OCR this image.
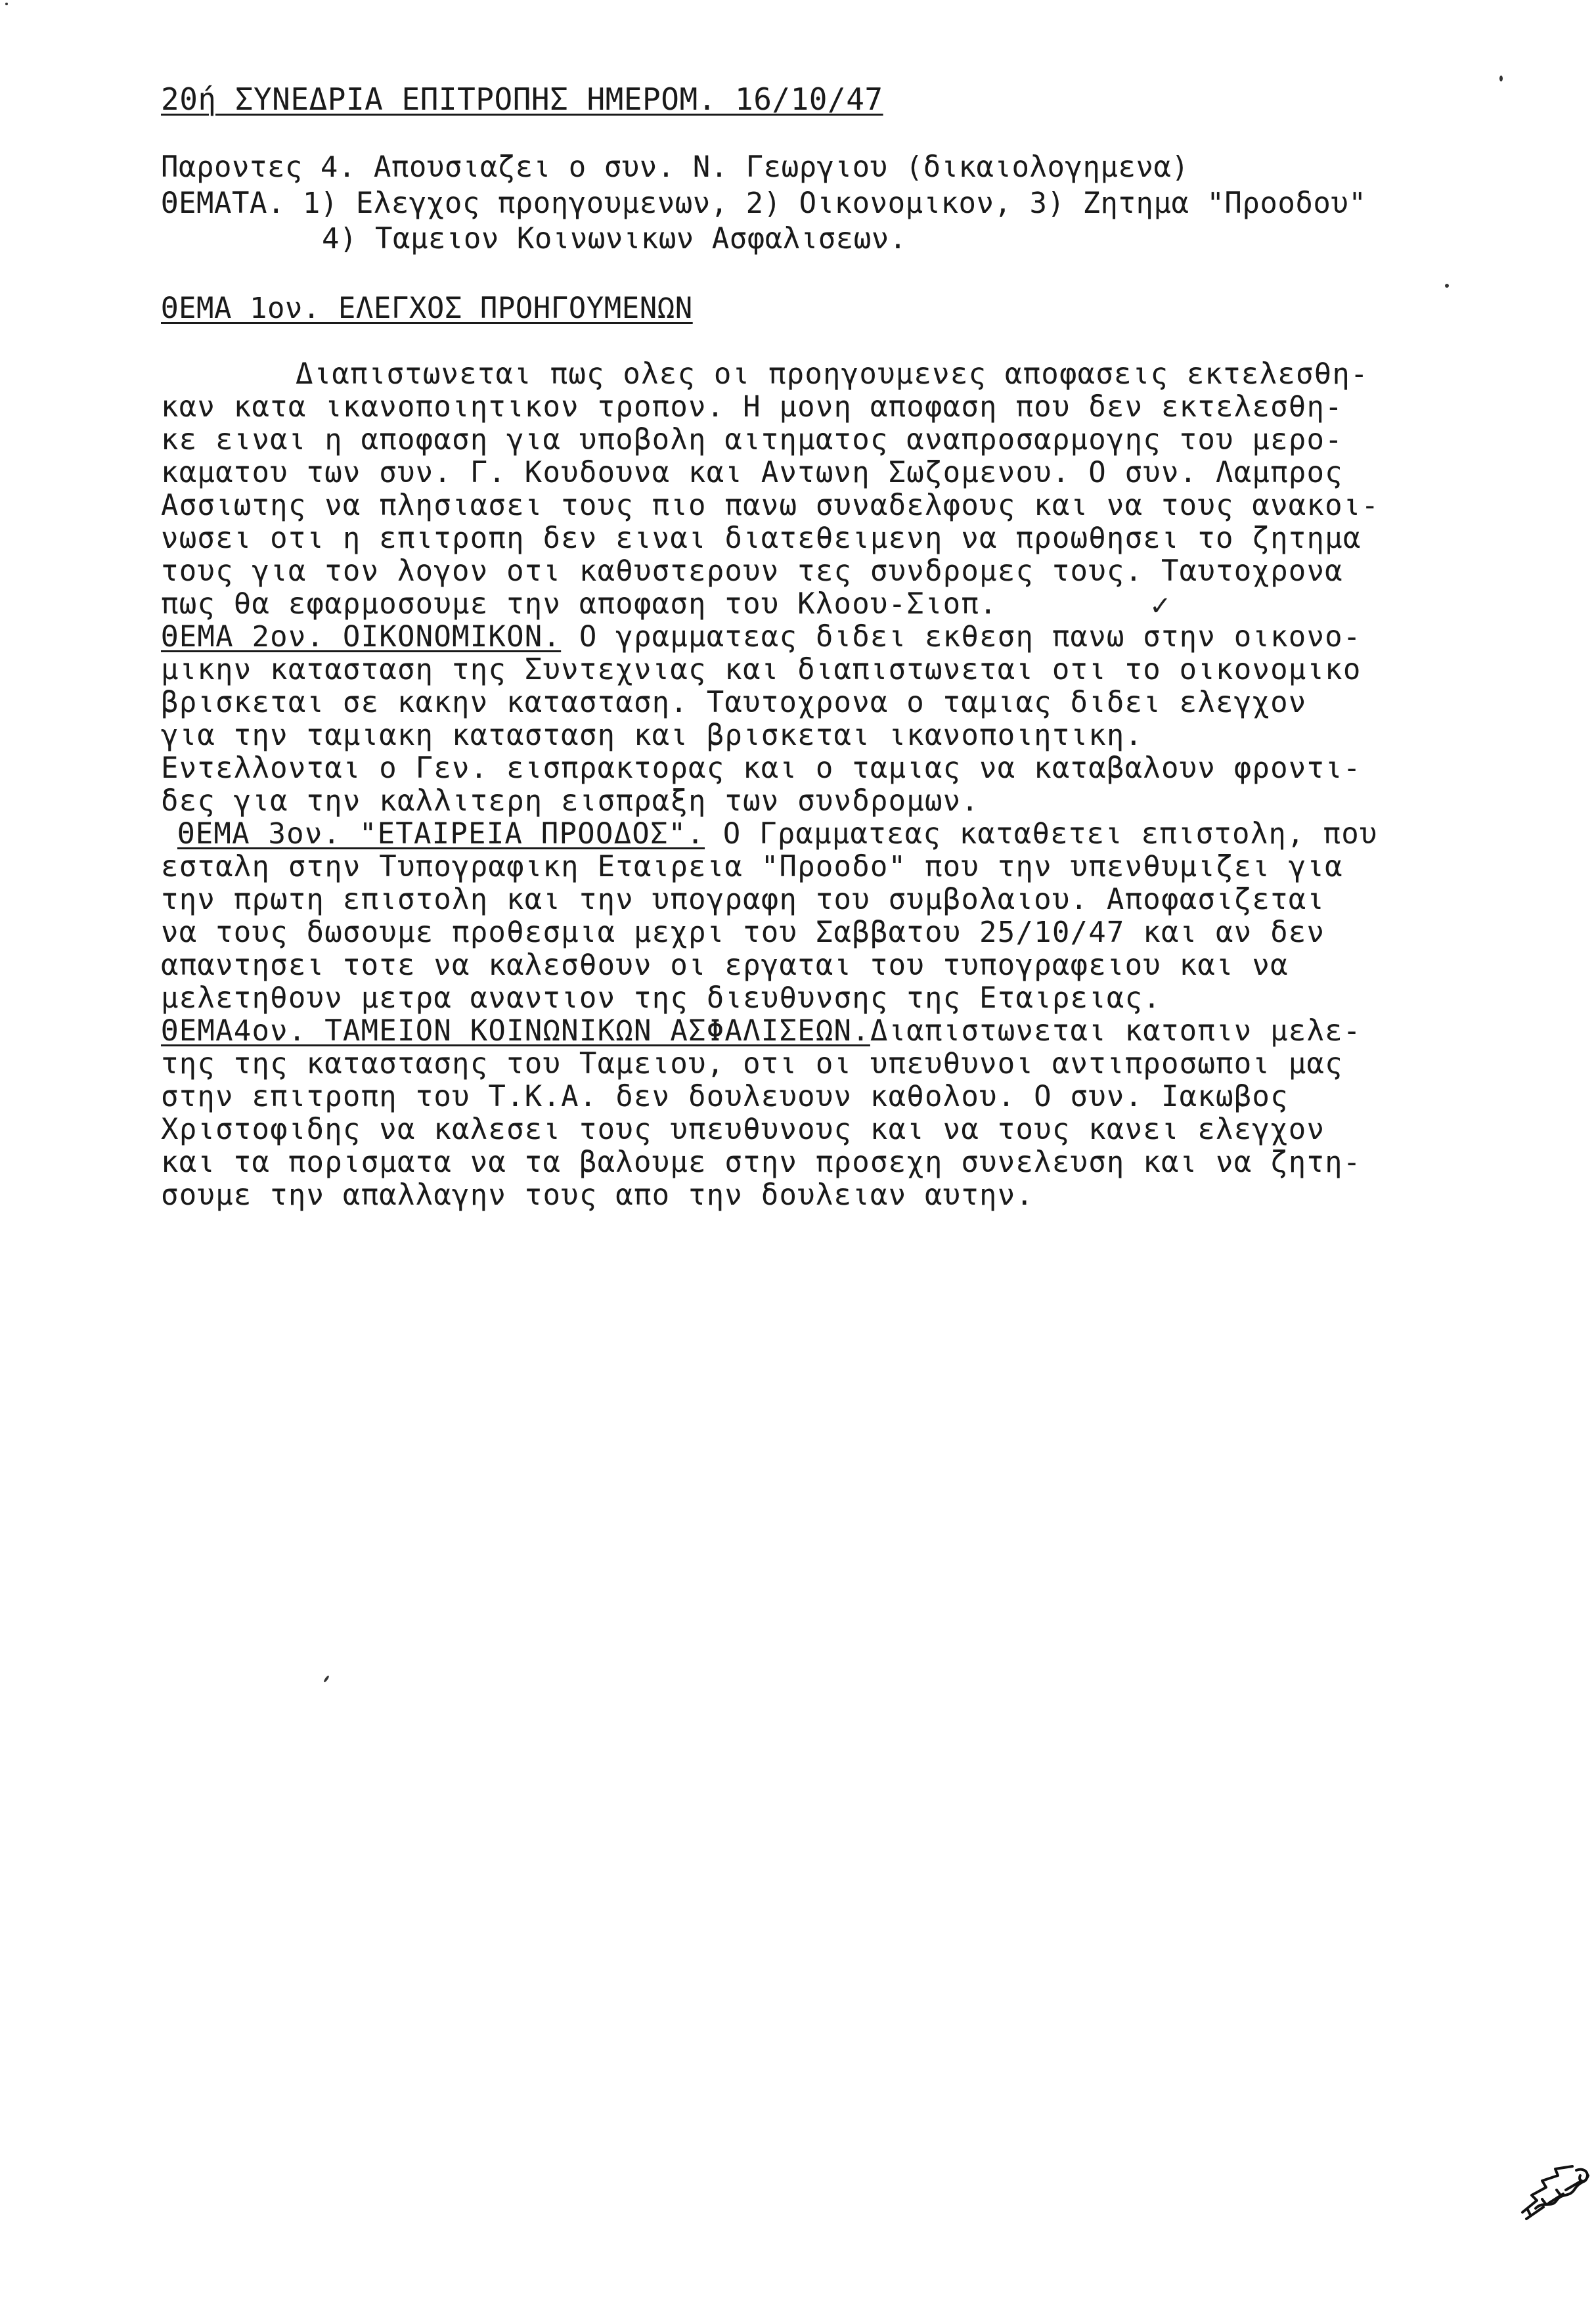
20ή ΣΥΝΕΔΡΙΑ ΕΠΙΤΡΟΠΗΣ ΗΜΕΡΟΜ. 16/10/47
Παροντες 4. Απουσιαζει ο συν. Ν. Γεωργιου (δικαιολογημενα)
ΘΕΜΑΤΑ. 1) Ελεγχος προηγουμενων, 2) Οικονομικον, 3) Ζητημα "Προοδου"
4) Ταμειον Κοινωνικων Ασφαλισεων.
ΘΕΜΑ 1ον. ΕΛΕΓΧΟΣ ΠΡΟΗΓΟΥΜΕΝΩΝ
Διαπιστωνεται πως ολες οι προηγουμενες αποφασεις εκτελεσθη-
καν κατα ικανοποιητικον τροπον. Η μονη αποφαση που δεν εκτελεσθη-
κε ειναι η αποφαση για υποβολη αιτηματος αναπροσαρμογης του μερο-
καματου των συν. Γ. Κουδουνα και Αντωνη Σωζομενου. Ο συν. Λαμπρος
Ασσιωτης να πλησιασει τους πιο πανω συναδελφους και να τους ανακοι-
νωσει οτι η επιτροπη δεν ειναι διατεθειμενη να προωθησει το ζητημα
τους για τον λογον οτι καθυστερουν τες συνδρομες τους. Ταυτοχρονα
πως θα εφαρμοσουμε την αποφαση του Κλοου-Σιοπ.	✓
ΘΕΜΑ 2ον. ΟΙΚΟΝΟΜΙΚΟΝ. Ο γραμματεας διδει εκθεση πανω στην οικονο-
μικην κατασταση της Συντεχνιας και διαπιστωνεται οτι το οικονομικο
βρισκεται σε κακην κατασταση. Ταυτοχρονα ο ταμιας διδει ελεγχον
για την ταμιακη κατασταση και βρισκεται ικανοποιητικη.
Εντελλονται ο Γεν. εισπρακτορας και ο ταμιας να καταβαλουν φροντι-
δες για την καλλιτερη εισπραξη των συνδρομων.
ΘΕΜΑ 3ον. "ΕΤΑΙΡΕΙΑ ΠΡΟΟΔΟΣ". Ο Γραμματεας καταθετει επιστολη, που
εσταλη στην Τυπογραφικη Εταιρεια "Προοδο" που την υπενθυμιζει για
την πρωτη επιστολη και την υπογραφη του συμβολαιου. Αποφασιζεται
να τους δωσουμε προθεσμια μεχρι του Σαββατου 25/10/47 και αν δεν
απαντησει τοτε να καλεσθουν οι εργαται του τυπογραφειου και να
μελετηθουν μετρα αναντιον της διευθυνσης της Εταιρειας.
ΘΕΜΑ4ον. ΤΑΜΕΙΟΝ ΚΟΙΝΩΝΙΚΩΝ ΑΣΦΑΛΙΣΕΩΝ.Διαπιστωνεται κατοπιν μελε-
της της καταστασης του Ταμειου, οτι οι υπευθυνοι αντιπροσωποι μας
στην επιτροπη του Τ.Κ.Α. δεν δουλευουν καθολου. Ο συν. Ιακωβος
Χριστοφιδης να καλεσει τους υπευθυνους και να τους κανει ελεγχον
και τα πορισματα να τα βαλουμε στην προσεχη συνελευση και να ζητη-
σουμε την απαλλαγην τους απο την δουλειαν αυτην.
